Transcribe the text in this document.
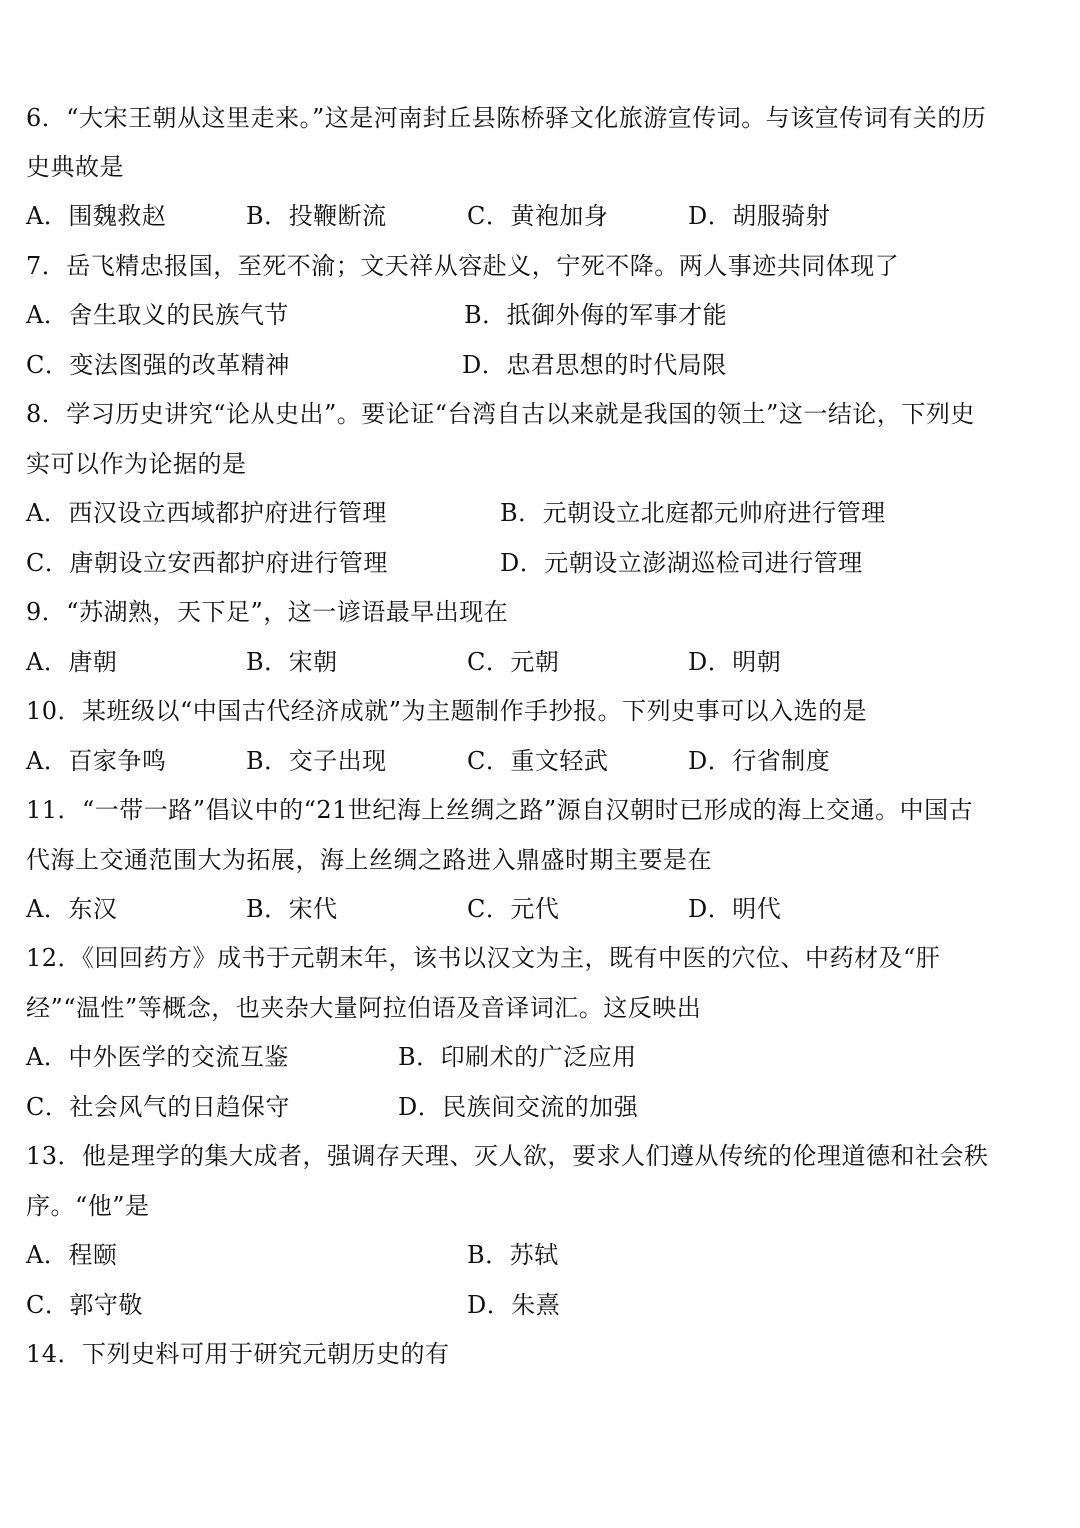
6．“大宋王朝从这里走来。”这是河南封丘县陈桥驿文化旅游宣传词。与该宣传词有关的历
史典故是
A．围魏救赵	B．投鞭断流	C．黄袍加身	D．胡服骑射
7．岳飞精忠报国，至死不渝；文天祥从容赴义，宁死不降。两人事迹共同体现了
A．舍生取义的民族气节	B．抵御外侮的军事才能
C．变法图强的改革精神	D．忠君思想的时代局限
8．学习历史讲究“论从史出”。要论证“台湾自古以来就是我国的领土”这一结论，下列史
实可以作为论据的是
A．西汉设立西域都护府进行管理	B．元朝设立北庭都元帅府进行管理
C．唐朝设立安西都护府进行管理	D．元朝设立澎湖巡检司进行管理
9．“苏湖熟，天下足”，这一谚语最早出现在
A．唐朝	B．宋朝	C．元朝	D．明朝
10．某班级以“中国古代经济成就”为主题制作手抄报。下列史事可以入选的是
A．百家争鸣	B．交子出现	C．重文轻武	D．行省制度
11．“一带一路”倡议中的“21世纪海上丝绸之路”源自汉朝时已形成的海上交通。中国古
代海上交通范围大为拓展，海上丝绸之路进入鼎盛时期主要是在
A．东汉	B．宋代	C．元代	D．明代
12．《回回药方》成书于元朝末年，该书以汉文为主，既有中医的穴位、中药材及“肝
经”“温性”等概念，也夹杂大量阿拉伯语及音译词汇。这反映出
A．中外医学的交流互鉴	B．印刷术的广泛应用
C．社会风气的日趋保守	D．民族间交流的加强
13．他是理学的集大成者，强调存天理、灭人欲，要求人们遵从传统的伦理道德和社会秩
序。“他”是
A．程颐	B．苏轼
C．郭守敬	D．朱熹
14．下列史料可用于研究元朝历史的有
